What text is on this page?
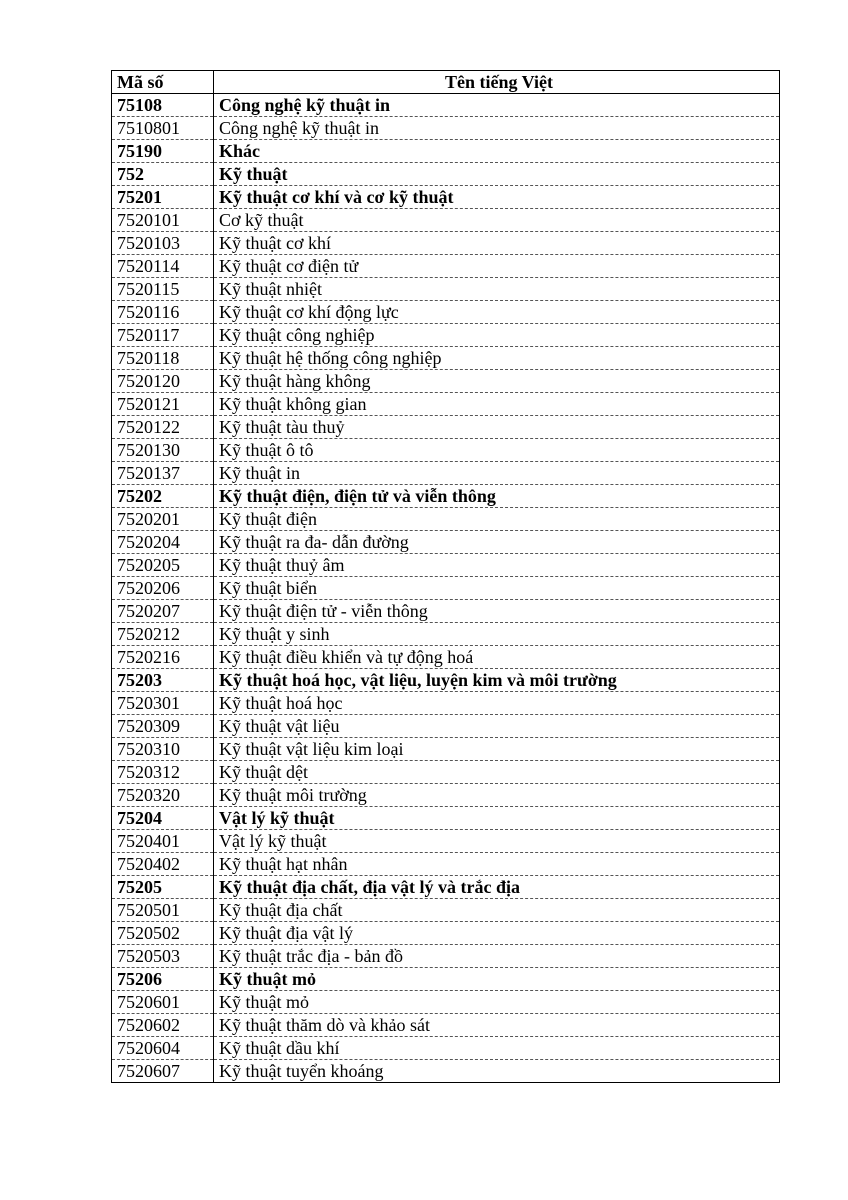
Mã số	Tên tiếng Việt
75108	Công nghệ kỹ thuật in
7510801	Công nghệ kỹ thuật in
75190	Khác
752	Kỹ thuật
75201	Kỹ thuật cơ khí và cơ kỹ thuật
7520101	Cơ kỹ thuật
7520103	Kỹ thuật cơ khí
7520114	Kỹ thuật cơ điện tử
7520115	Kỹ thuật nhiệt
7520116	Kỹ thuật cơ khí động lực
7520117	Kỹ thuật công nghiệp
7520118	Kỹ thuật hệ thống công nghiệp
7520120	Kỹ thuật hàng không
7520121	Kỹ thuật không gian
7520122	Kỹ thuật tàu thuỷ
7520130	Kỹ thuật ô tô
7520137	Kỹ thuật in
75202	Kỹ thuật điện, điện tử và viễn thông
7520201	Kỹ thuật điện
7520204	Kỹ thuật ra đa- dẫn đường
7520205	Kỹ thuật thuỷ âm
7520206	Kỹ thuật biển
7520207	Kỹ thuật điện tử - viễn thông
7520212	Kỹ thuật y sinh
7520216	Kỹ thuật điều khiển và tự động hoá
75203	Kỹ thuật hoá học, vật liệu, luyện kim và môi trường
7520301	Kỹ thuật hoá học
7520309	Kỹ thuật vật liệu
7520310	Kỹ thuật vật liệu kim loại
7520312	Kỹ thuật dệt
7520320	Kỹ thuật môi trường
75204	Vật lý kỹ thuật
7520401	Vật lý kỹ thuật
7520402	Kỹ thuật hạt nhân
75205	Kỹ thuật địa chất, địa vật lý và trắc địa
7520501	Kỹ thuật địa chất
7520502	Kỹ thuật địa vật lý
7520503	Kỹ thuật trắc địa - bản đồ
75206	Kỹ thuật mỏ
7520601	Kỹ thuật mỏ
7520602	Kỹ thuật thăm dò và khảo sát
7520604	Kỹ thuật dầu khí
7520607	Kỹ thuật tuyển khoáng
